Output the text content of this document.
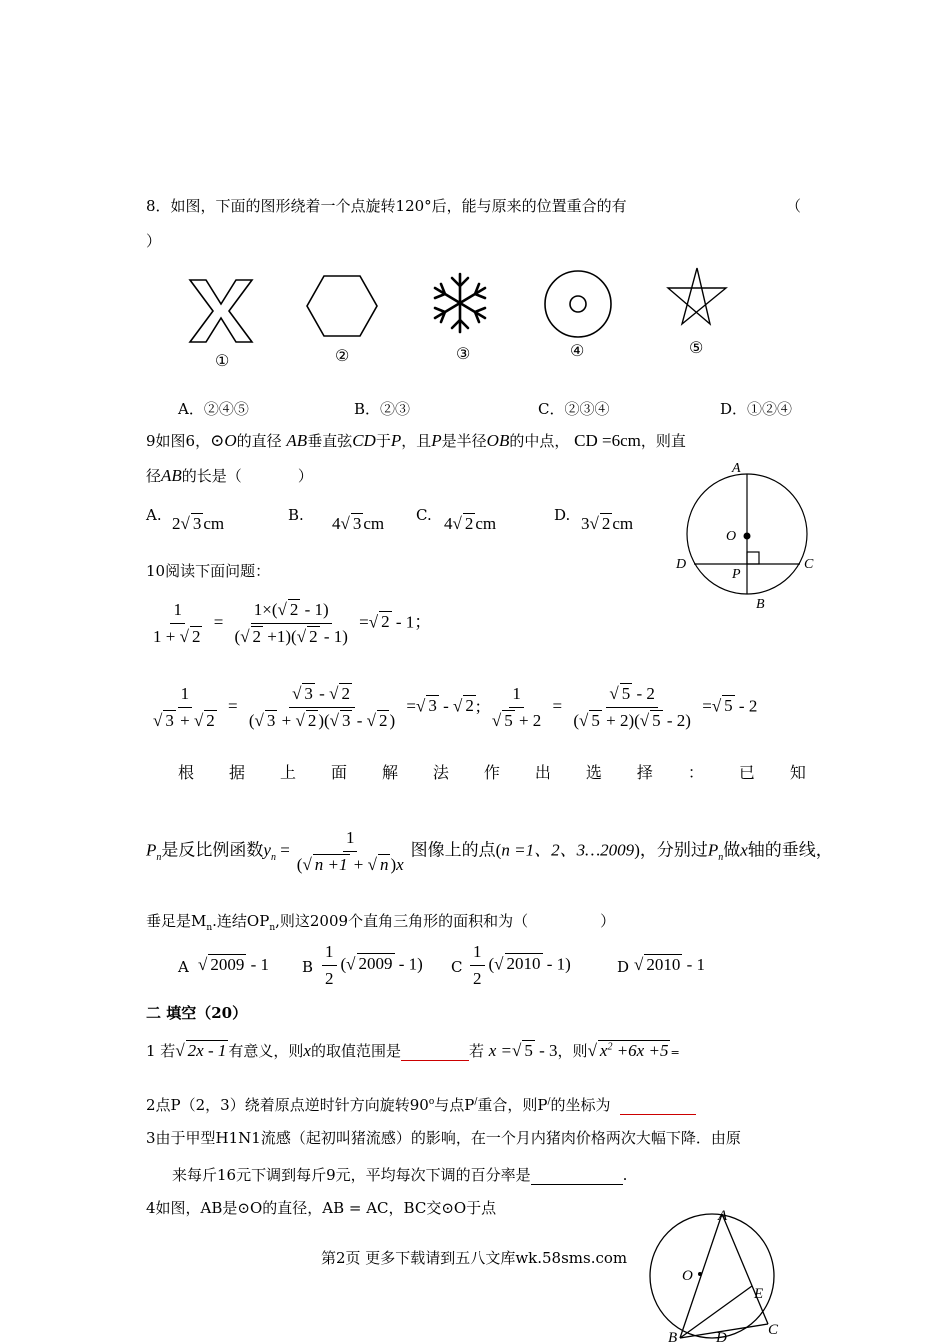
8．如图，下面的图形绕着一个点旋转120°后，能与原来的位置重合的有	（
）
①	②	③	④	⑤
A．②④⑤	B．②③	C．②③④	D．①②④
9如图6，⊙O的直径 AB垂直弦CD于P，且P是半径OB的中点， CD =6cm，则直
径AB的长是（	）
A. 2√ 3 cm	B. 4√ 3 cm C. 4√ 2 cm	D. 3√ 2 cm
A
O
D
P
C
B
10阅读下面问题：
$\frac{1}{1 + √ 2} = \frac{1\times(√ 2 - 1)}{(√ 2 +1)(√ 2 - 1)}$ =√ 2 - 1；
$\frac{1}{√ 3 + √ 2} = \frac{√ 3 - √ 2}{(√ 3 + √ 2 )(√ 3 - √ 2 )}$ =√ 3 - √ 2 ; $\frac{1}{√ 5 + 2} = \frac{√ 5 - 2}{(√ 5 + 2)(√ 5 - 2)}$ =√ 5 - 2
根 据 上 面 解 法 作 出 选 择 ： 已 知
$P_n$是反比例函数$y_n = \frac{1}{(√ n +1 + √ n )x}$ 图像上的点(n =1、2、3…2009)，分别过$P_n$做x轴的垂线，
垂足是$M_n$.连结$OP_n$,则这2009个直角三角形的面积和为（	）
A √ 2009 - 1 B $\frac{1}{2}$ (√ 2009 - 1) C $\frac{1}{2}$ (√ 2010 - 1)	D √ 2010 - 1
二 填空（20）
1 若√ 2x - 1 有意义，则x的取值范围是	若 x =√ 5 - 3，则√ $x^2 +6x +5$ =
2点P（2，3）绕着原点逆时针方向旋转90$^o$与点P/重合，则P/的坐标为
3由于甲型H1N1流感（起初叫猪流感）的影响，在一个月内猪肉价格两次大幅下降．由原
来每斤16元下调到每斤9元，平均每次下调的百分率是	.
4如图，AB是⊙O的直径，AB = AC，BC交⊙O于点	A
O
E
B	D	C
第2页 更多下载请到五八文库wk.58sms.com
